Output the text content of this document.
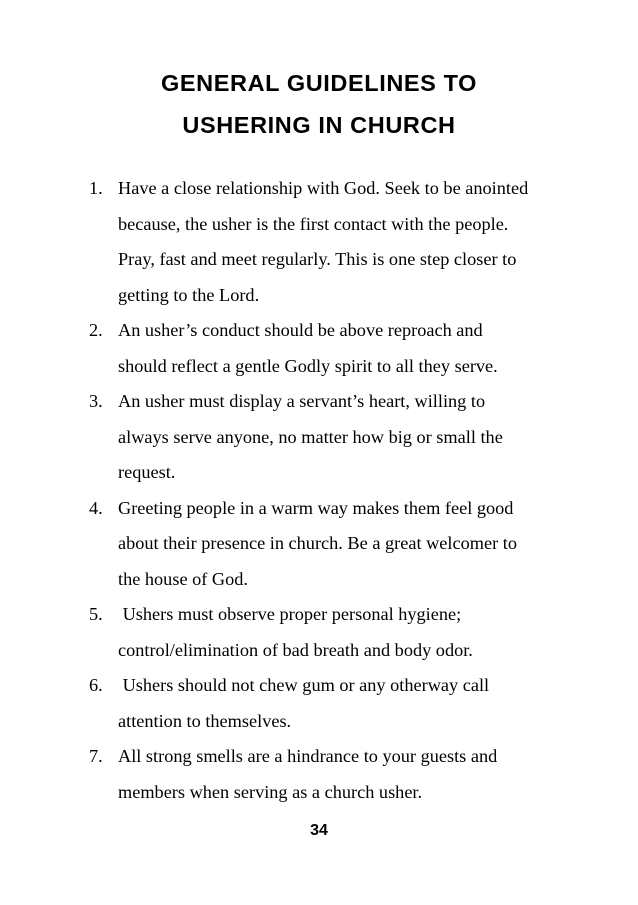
GENERAL GUIDELINES TO
USHERING IN CHURCH
1. Have a close relationship with God. Seek to be anointed
because, the usher is the first contact with the people.
Pray, fast and meet regularly. This is one step closer to
getting to the Lord.
2. An usher’s conduct should be above reproach and
should reflect a gentle Godly spirit to all they serve.
3. An usher must display a servant’s heart, willing to
always serve anyone, no matter how big or small the
request.
4. Greeting people in a warm way makes them feel good
about their presence in church. Be a great welcomer to
the house of God.
5. Ushers must observe proper personal hygiene;
control/elimination of bad breath and body odor.
6. Ushers should not chew gum or any otherway call
attention to themselves.
7. All strong smells are a hindrance to your guests and
members when serving as a church usher.
34
